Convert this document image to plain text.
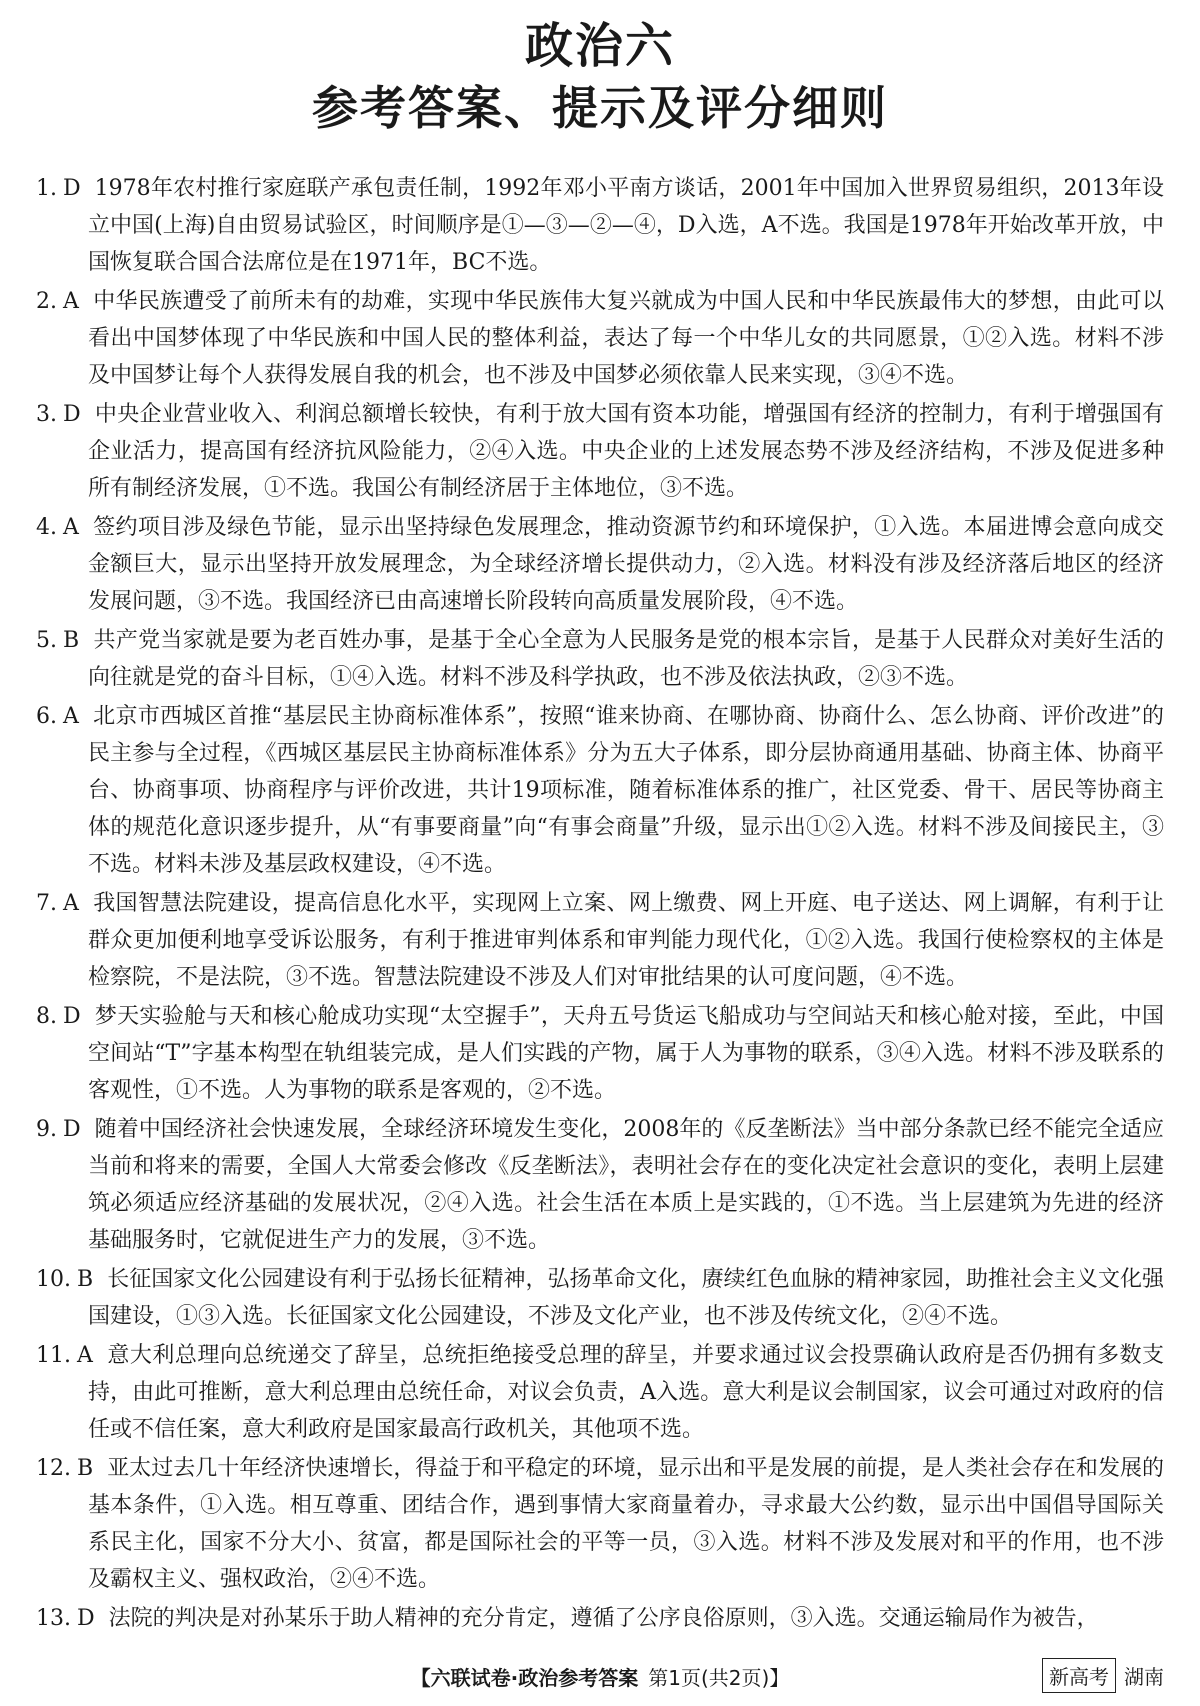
政治六
参考答案、提示及评分细则

1. D 1978年农村推行家庭联产承包责任制，1992年邓小平南方谈话，2001年中国加入世界贸易组织，2013年设立中国(上海)自由贸易试验区，时间顺序是①—③—②—④，D入选，A不选。我国是1978年开始改革开放，中国恢复联合国合法席位是在1971年，BC不选。

2. A 中华民族遭受了前所未有的劫难，实现中华民族伟大复兴就成为中国人民和中华民族最伟大的梦想，由此可以看出中国梦体现了中华民族和中国人民的整体利益，表达了每一个中华儿女的共同愿景，①②入选。材料不涉及中国梦让每个人获得发展自我的机会，也不涉及中国梦必须依靠人民来实现，③④不选。

3. D 中央企业营业收入、利润总额增长较快，有利于放大国有资本功能，增强国有经济的控制力，有利于增强国有企业活力，提高国有经济抗风险能力，②④入选。中央企业的上述发展态势不涉及经济结构，不涉及促进多种所有制经济发展，①不选。我国公有制经济居于主体地位，③不选。

4. A 签约项目涉及绿色节能，显示出坚持绿色发展理念，推动资源节约和环境保护，①入选。本届进博会意向成交金额巨大，显示出坚持开放发展理念，为全球经济增长提供动力，②入选。材料没有涉及经济落后地区的经济发展问题，③不选。我国经济已由高速增长阶段转向高质量发展阶段，④不选。

5. B 共产党当家就是要为老百姓办事，是基于全心全意为人民服务是党的根本宗旨，是基于人民群众对美好生活的向往就是党的奋斗目标，①④入选。材料不涉及科学执政，也不涉及依法执政，②③不选。

6. A 北京市西城区首推“基层民主协商标准体系”，按照“谁来协商、在哪协商、协商什么、怎么协商、评价改进”的民主参与全过程，《西城区基层民主协商标准体系》分为五大子体系，即分层协商通用基础、协商主体、协商平台、协商事项、协商程序与评价改进，共计19项标准，随着标准体系的推广，社区党委、骨干、居民等协商主体的规范化意识逐步提升，从“有事要商量”向“有事会商量”升级，显示出①②入选。材料不涉及间接民主，③不选。材料未涉及基层政权建设，④不选。

7. A 我国智慧法院建设，提高信息化水平，实现网上立案、网上缴费、网上开庭、电子送达、网上调解，有利于让群众更加便利地享受诉讼服务，有利于推进审判体系和审判能力现代化，①②入选。我国行使检察权的主体是检察院，不是法院，③不选。智慧法院建设不涉及人们对审批结果的认可度问题，④不选。

8. D 梦天实验舱与天和核心舱成功实现“太空握手”，天舟五号货运飞船成功与空间站天和核心舱对接，至此，中国空间站“T”字基本构型在轨组装完成，是人们实践的产物，属于人为事物的联系，③④入选。材料不涉及联系的客观性，①不选。人为事物的联系是客观的，②不选。

9. D 随着中国经济社会快速发展，全球经济环境发生变化，2008年的《反垄断法》当中部分条款已经不能完全适应当前和将来的需要，全国人大常委会修改《反垄断法》，表明社会存在的变化决定社会意识的变化，表明上层建筑必须适应经济基础的发展状况，②④入选。社会生活在本质上是实践的，①不选。当上层建筑为先进的经济基础服务时，它就促进生产力的发展，③不选。

10. B 长征国家文化公园建设有利于弘扬长征精神，弘扬革命文化，赓续红色血脉的精神家园，助推社会主义文化强国建设，①③入选。长征国家文化公园建设，不涉及文化产业，也不涉及传统文化，②④不选。

11. A 意大利总理向总统递交了辞呈，总统拒绝接受总理的辞呈，并要求通过议会投票确认政府是否仍拥有多数支持，由此可推断，意大利总理由总统任命，对议会负责，A入选。意大利是议会制国家，议会可通过对政府的信任或不信任案，意大利政府是国家最高行政机关，其他项不选。

12. B 亚太过去几十年经济快速增长，得益于和平稳定的环境，显示出和平是发展的前提，是人类社会存在和发展的基本条件，①入选。相互尊重、团结合作，遇到事情大家商量着办，寻求最大公约数，显示出中国倡导国际关系民主化，国家不分大小、贫富，都是国际社会的平等一员，③入选。材料不涉及发展对和平的作用，也不涉及霸权主义、强权政治，②④不选。

13. D 法院的判决是对孙某乐于助人精神的充分肯定，遵循了公序良俗原则，③入选。交通运输局作为被告，

【六联试卷·政治参考答案 第1页(共2页)】	新高考 湖南
